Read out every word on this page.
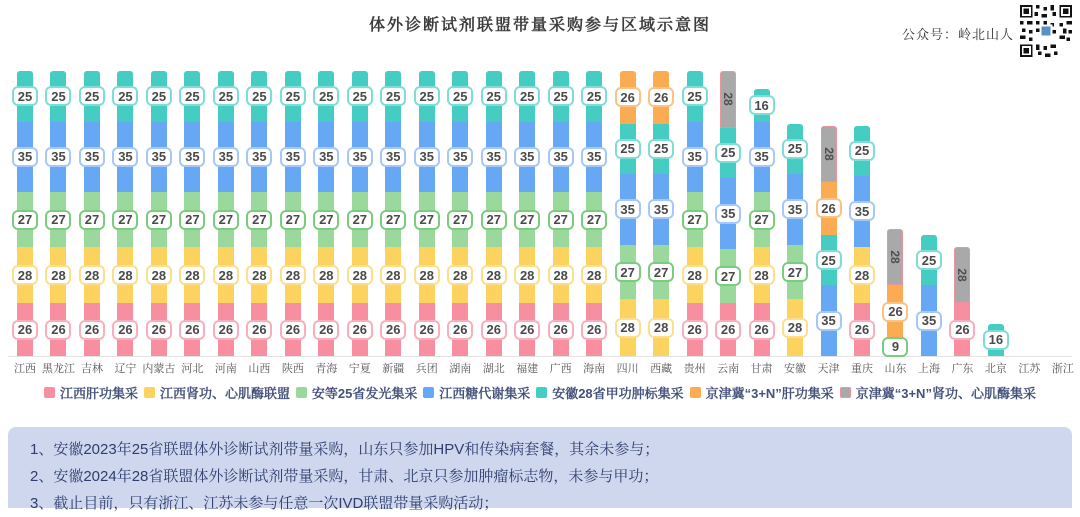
体外诊断试剂联盟带量采购参与区域示意图
公众号：岭北山人
25
35
27
28
26
江西
25
35
27
28
26
黑龙江
25
35
27
28
26
吉林
25
35
27
28
26
辽宁
25
35
27
28
26
内蒙古
25
35
27
28
26
河北
25
35
27
28
26
河南
25
35
27
28
26
山西
25
35
27
28
26
陕西
25
35
27
28
26
青海
25
35
27
28
26
宁夏
25
35
27
28
26
新疆
25
35
27
28
26
兵团
25
35
27
28
26
湖南
25
35
27
28
26
湖北
25
35
27
28
26
福建
25
35
27
28
26
广西
25
35
27
28
26
海南
26
25
35
27
28
四川
26
25
35
27
28
西藏
25
35
27
28
26
贵州
28
25
35
27
26
云南
16
35
27
28
26
甘肃
25
35
27
28
安徽
28
26
25
35
天津
25
35
28
26
重庆
28
26
9
山东
25
35
上海
28
26
广东
16
北京 江苏 浙江
江西肝功集采 江西肾功、心肌酶联盟 安等25省发光集采 江西糖代谢集采 安徽28省甲功肿标集采 京津冀“3+N”肝功集采 京津冀“3+N”肾功、心肌酶集采
1、安徽2023年25省联盟体外诊断试剂带量采购，山东只参加HPV和传染病套餐，其余未参与；
2、安徽2024年28省联盟体外诊断试剂带量采购，甘肃、北京只参加肿瘤标志物，未参与甲功；
3、截止目前，只有浙江、江苏未参与任意一次IVD联盟带量采购活动；
